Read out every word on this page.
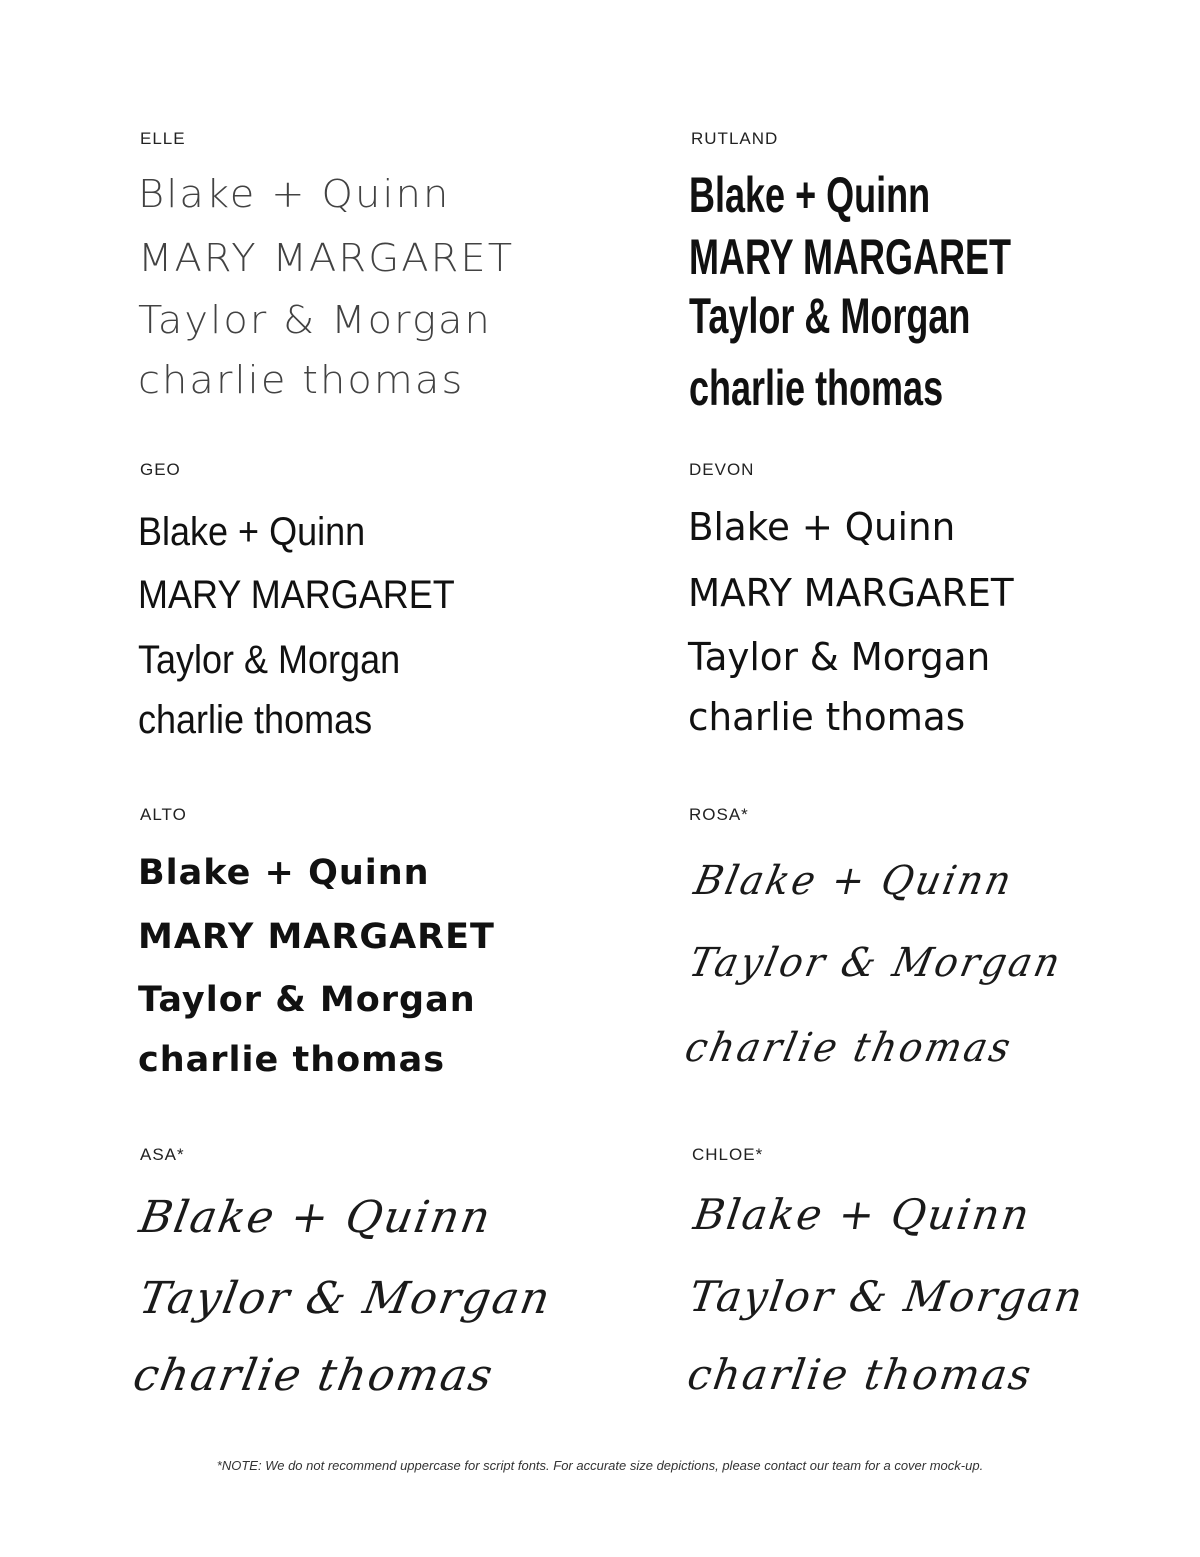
ELLE
Blake + Quinn
MARY MARGARET
Taylor & Morgan
charlie thomas
RUTLAND
Blake + Quinn
MARY MARGARET
Taylor & Morgan
charlie thomas
GEO
Blake + Quinn
MARY MARGARET
Taylor & Morgan
charlie thomas
DEVON
Blake + Quinn
MARY MARGARET
Taylor & Morgan
charlie thomas
ALTO
Blake + Quinn
MARY MARGARET
Taylor & Morgan
charlie thomas
ROSA*
Blake + Quinn
Taylor & Morgan
charlie thomas
ASA*
Blake + Quinn
Taylor & Morgan
charlie thomas
CHLOE*
Blake + Quinn
Taylor & Morgan
charlie thomas
*NOTE: We do not recommend uppercase for script fonts. For accurate size depictions, please contact our team for a cover mock-up.
